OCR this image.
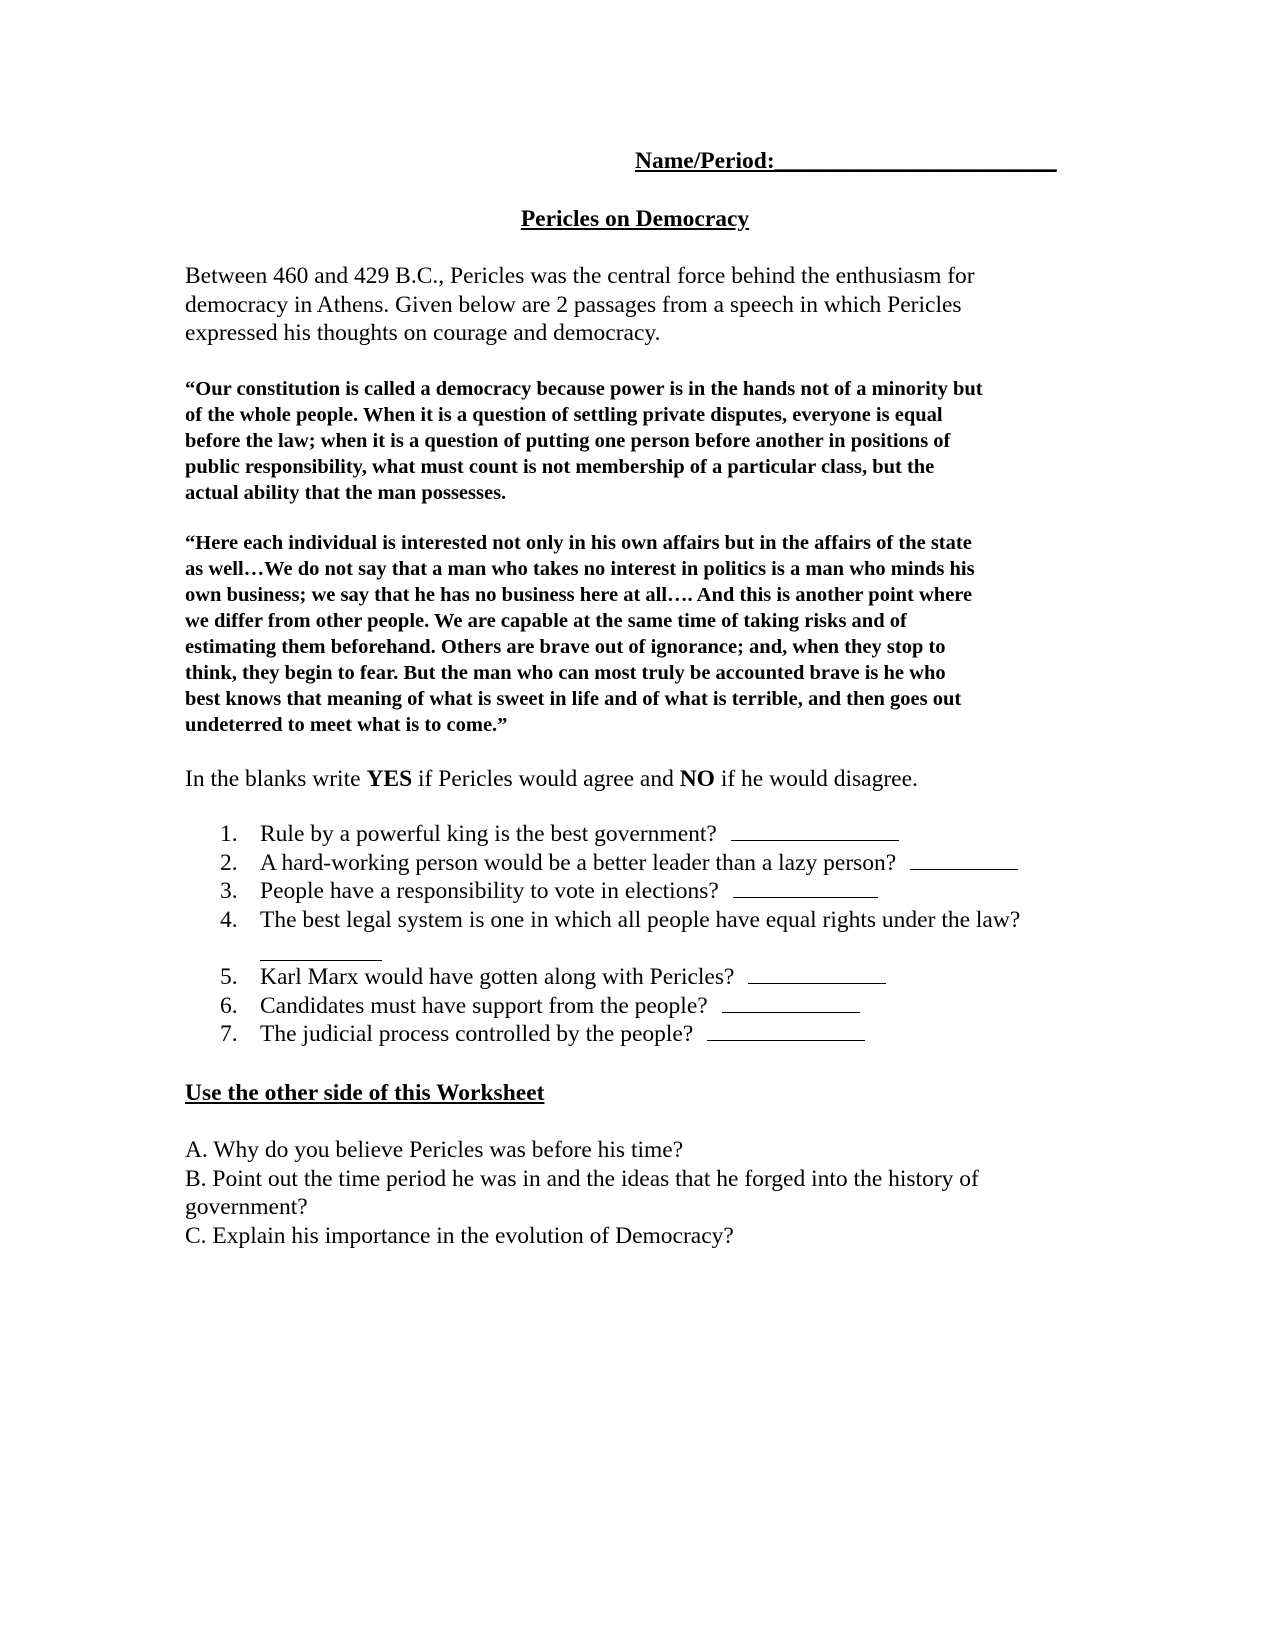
Name/Period:________________________
Pericles on Democracy
Between 460 and 429 B.C., Pericles was the central force behind the enthusiasm for
democracy in Athens. Given below are 2 passages from a speech in which Pericles
expressed his thoughts on courage and democracy.
“Our constitution is called a democracy because power is in the hands not of a minority but
of the whole people. When it is a question of settling private disputes, everyone is equal
before the law; when it is a question of putting one person before another in positions of
public responsibility, what must count is not membership of a particular class, but the
actual ability that the man possesses.
“Here each individual is interested not only in his own affairs but in the affairs of the state
as well…We do not say that a man who takes no interest in politics is a man who minds his
own business; we say that he has no business here at all…. And this is another point where
we differ from other people. We are capable at the same time of taking risks and of
estimating them beforehand. Others are brave out of ignorance; and, when they stop to
think, they begin to fear. But the man who can most truly be accounted brave is he who
best knows that meaning of what is sweet in life and of what is terrible, and then goes out
undeterred to meet what is to come.”
In the blanks write YES if Pericles would agree and NO if he would disagree.
1. Rule by a powerful king is the best government?
2. A hard-working person would be a better leader than a lazy person?
3. People have a responsibility to vote in elections?
4. The best legal system is one in which all people have equal rights under the law?
5. Karl Marx would have gotten along with Pericles?
6. Candidates must have support from the people?
7. The judicial process controlled by the people?
Use the other side of this Worksheet
A. Why do you believe Pericles was before his time?
B. Point out the time period he was in and the ideas that he forged into the history of
government?
C. Explain his importance in the evolution of Democracy?
